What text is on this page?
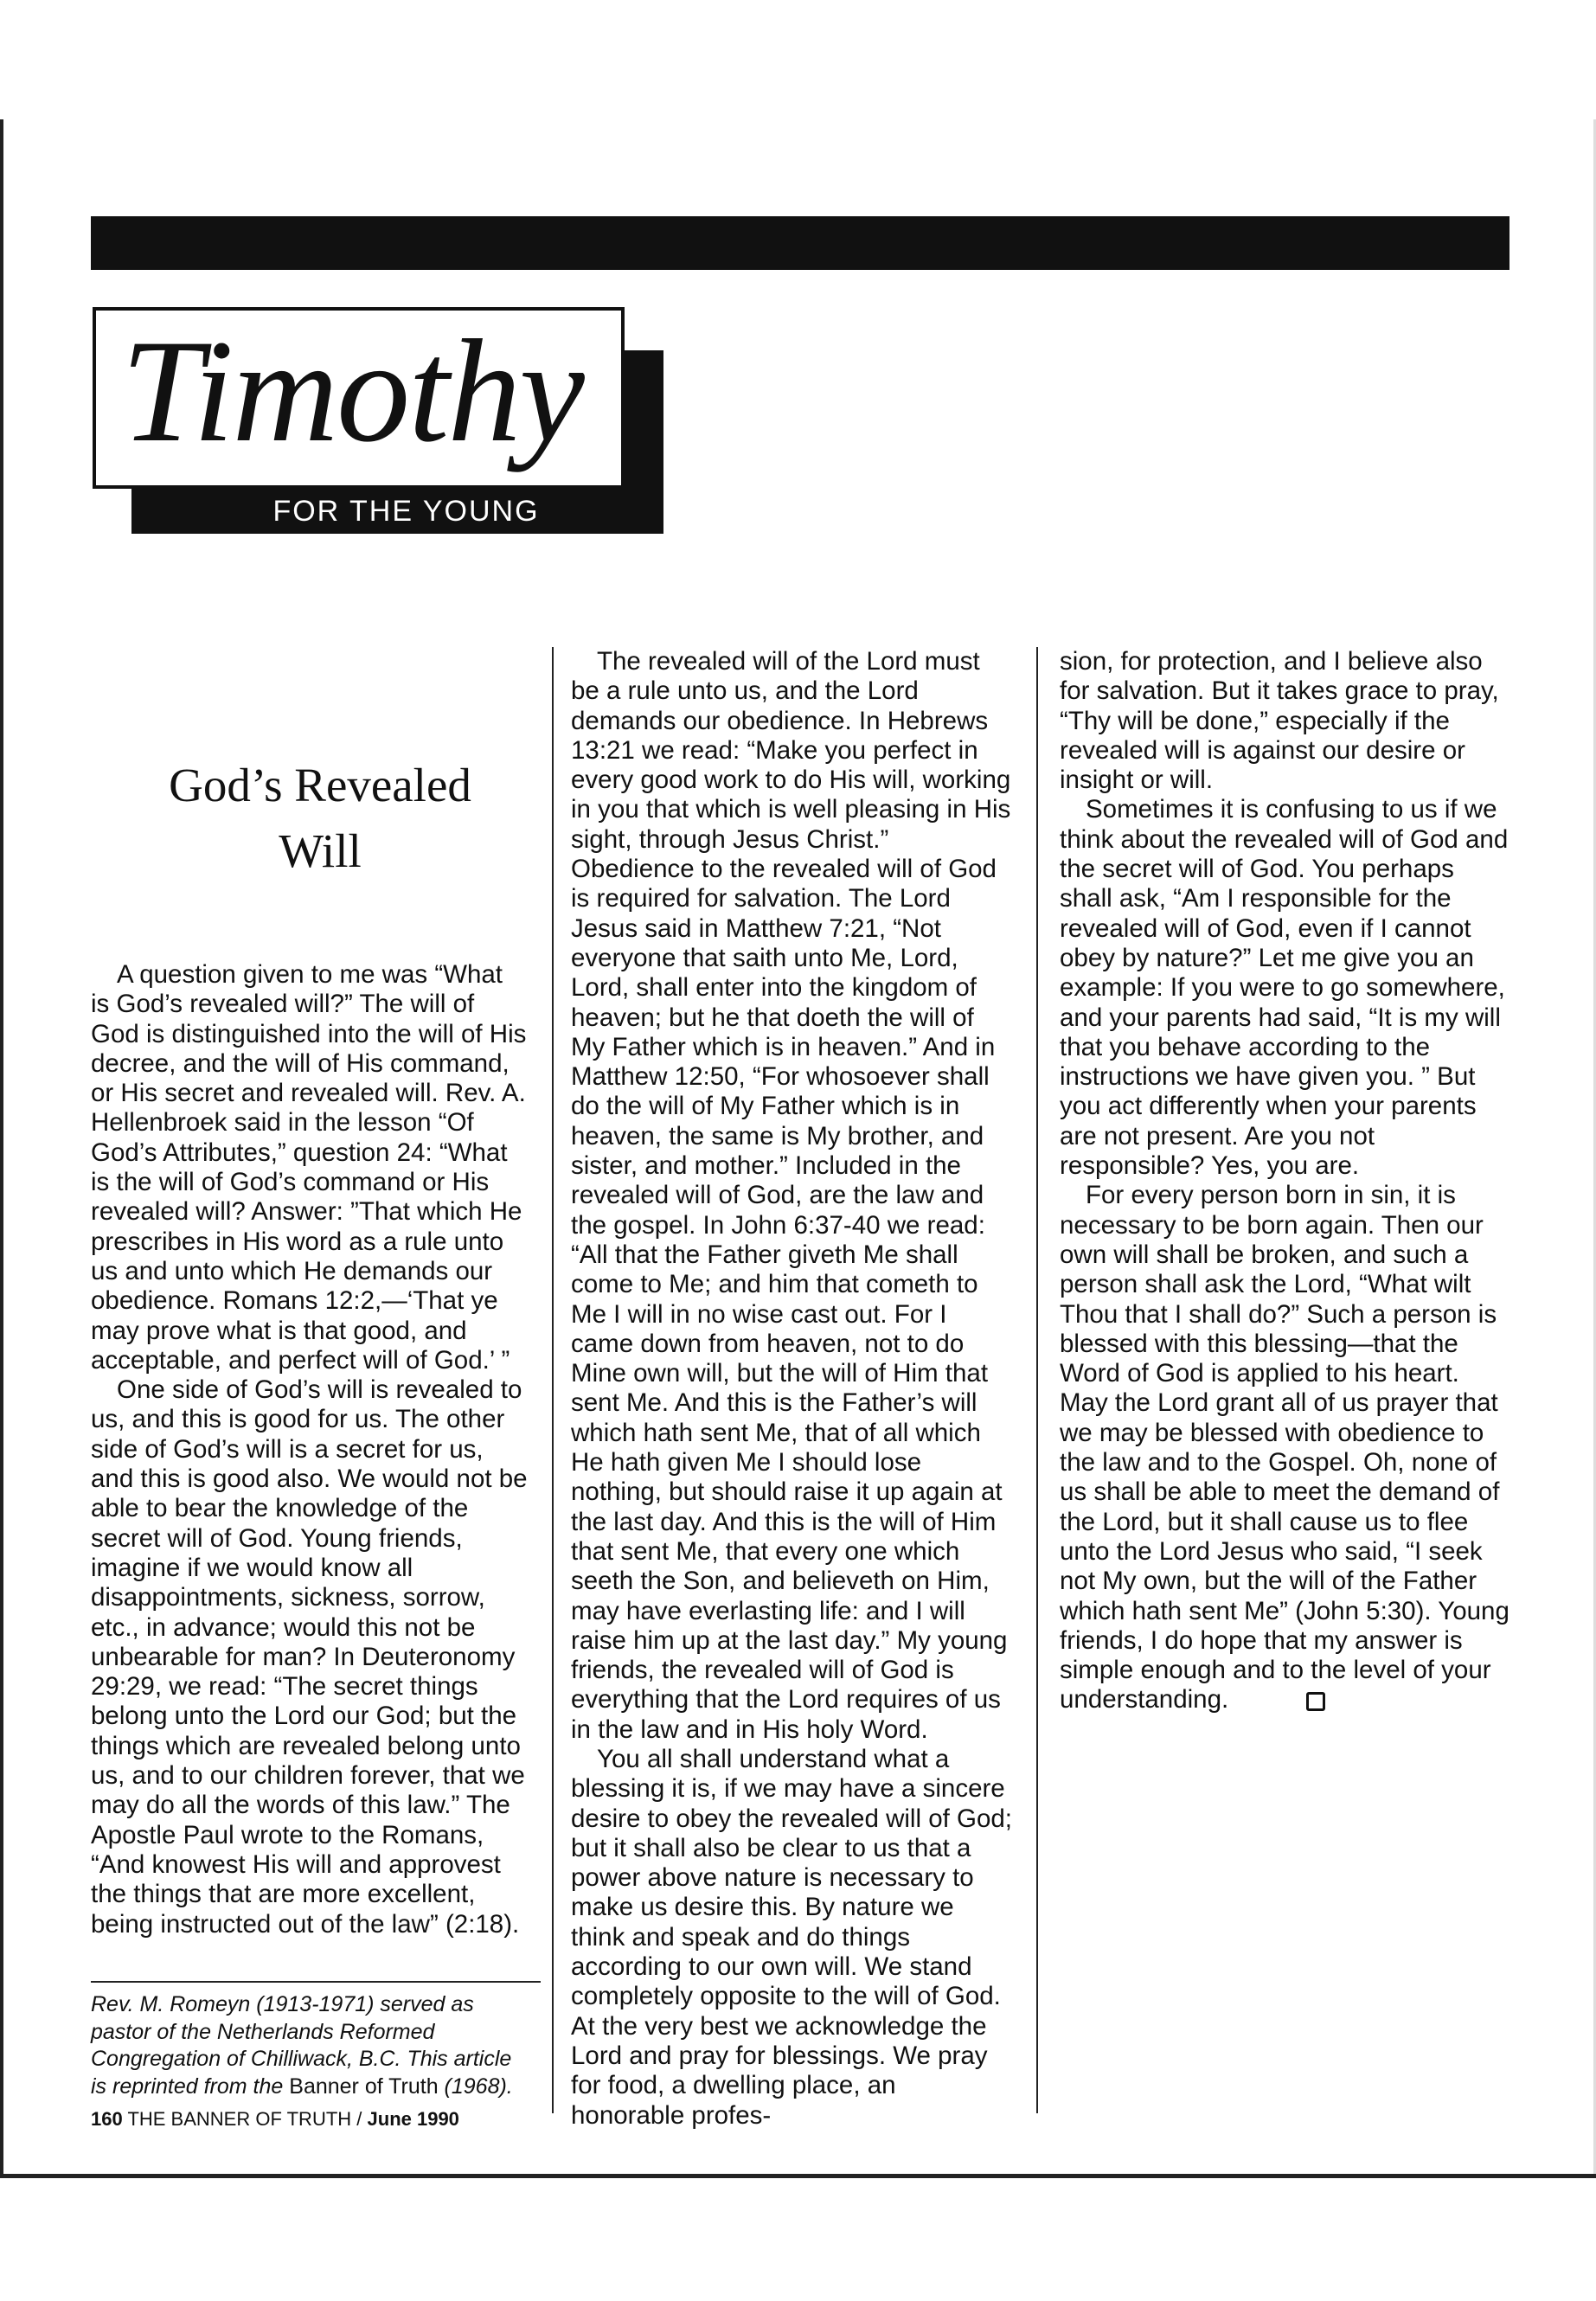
Timothy
FOR THE YOUNG
God’s Revealed
Will

A question given to me was “What is God’s revealed will?” The will of God is distinguished into the will of His decree, and the will of His command, or His secret and revealed will. Rev. A. Hellenbroek said in the lesson “Of God’s Attributes,” question 24: “What is the will of God’s command or His revealed will? Answer: ”That which He prescribes in His word as a rule unto us and unto which He demands our obedience. Romans 12:2,—‘That ye may prove what is that good, and acceptable, and perfect will of God.’ ”

One side of God’s will is revealed to us, and this is good for us. The other side of God’s will is a secret for us, and this is good also. We would not be able to bear the knowledge of the secret will of God. Young friends, imagine if we would know all disappointments, sickness, sorrow, etc., in advance; would this not be unbearable for man? In Deuteronomy 29:29, we read: “The secret things belong unto the Lord our God; but the things which are revealed belong unto us, and to our children forever, that we may do all the words of this law.” The Apostle Paul wrote to the Romans, “And knowest His will and approvest the things that are more excellent, being instructed out of the law” (2:18).

The revealed will of the Lord must be a rule unto us, and the Lord demands our obedience. In Hebrews 13:21 we read: “Make you perfect in every good work to do His will, working in you that which is well pleasing in His sight, through Jesus Christ.” Obedience to the revealed will of God is required for salvation. The Lord Jesus said in Matthew 7:21, “Not everyone that saith unto Me, Lord, Lord, shall enter into the kingdom of heaven; but he that doeth the will of My Father which is in heaven.” And in Matthew 12:50, “For whosoever shall do the will of My Father which is in heaven, the same is My brother, and sister, and mother.” Included in the revealed will of God, are the law and the gospel. In John 6:37-40 we read: “All that the Father giveth Me shall come to Me; and him that cometh to Me I will in no wise cast out. For I came down from heaven, not to do Mine own will, but the will of Him that sent Me. And this is the Father’s will which hath sent Me, that of all which He hath given Me I should lose nothing, but should raise it up again at the last day. And this is the will of Him that sent Me, that every one which seeth the Son, and believeth on Him, may have everlasting life: and I will raise him up at the last day.” My young friends, the revealed will of God is everything that the Lord requires of us in the law and in His holy Word.

You all shall understand what a blessing it is, if we may have a sincere desire to obey the revealed will of God; but it shall also be clear to us that a power above nature is necessary to make us desire this. By nature we think and speak and do things according to our own will. We stand completely opposite to the will of God. At the very best we acknowledge the Lord and pray for blessings. We pray for food, a dwelling place, an honorable profes-

sion, for protection, and I believe also for salvation. But it takes grace to pray, “Thy will be done,” especially if the revealed will is against our desire or insight or will.

Sometimes it is confusing to us if we think about the revealed will of God and the secret will of God. You perhaps shall ask, “Am I responsible for the revealed will of God, even if I cannot obey by nature?” Let me give you an example: If you were to go somewhere, and your parents had said, “It is my will that you behave according to the instructions we have given you. ” But you act differently when your parents are not present. Are you not responsible? Yes, you are.

For every person born in sin, it is necessary to be born again. Then our own will shall be broken, and such a person shall ask the Lord, “What wilt Thou that I shall do?” Such a person is blessed with this blessing—that the Word of God is applied to his heart. May the Lord grant all of us prayer that we may be blessed with obedience to the law and to the Gospel. Oh, none of us shall be able to meet the demand of the Lord, but it shall cause us to flee unto the Lord Jesus who said, “I seek not My own, but the will of the Father which hath sent Me” (John 5:30). Young friends, I do hope that my answer is simple enough and to the level of your understanding.

Rev. M. Romeyn (1913-1971) served as pastor of the Netherlands Reformed Congregation of Chilliwack, B.C. This article is reprinted from the Banner of Truth (1968).
160 THE BANNER OF TRUTH / June 1990
